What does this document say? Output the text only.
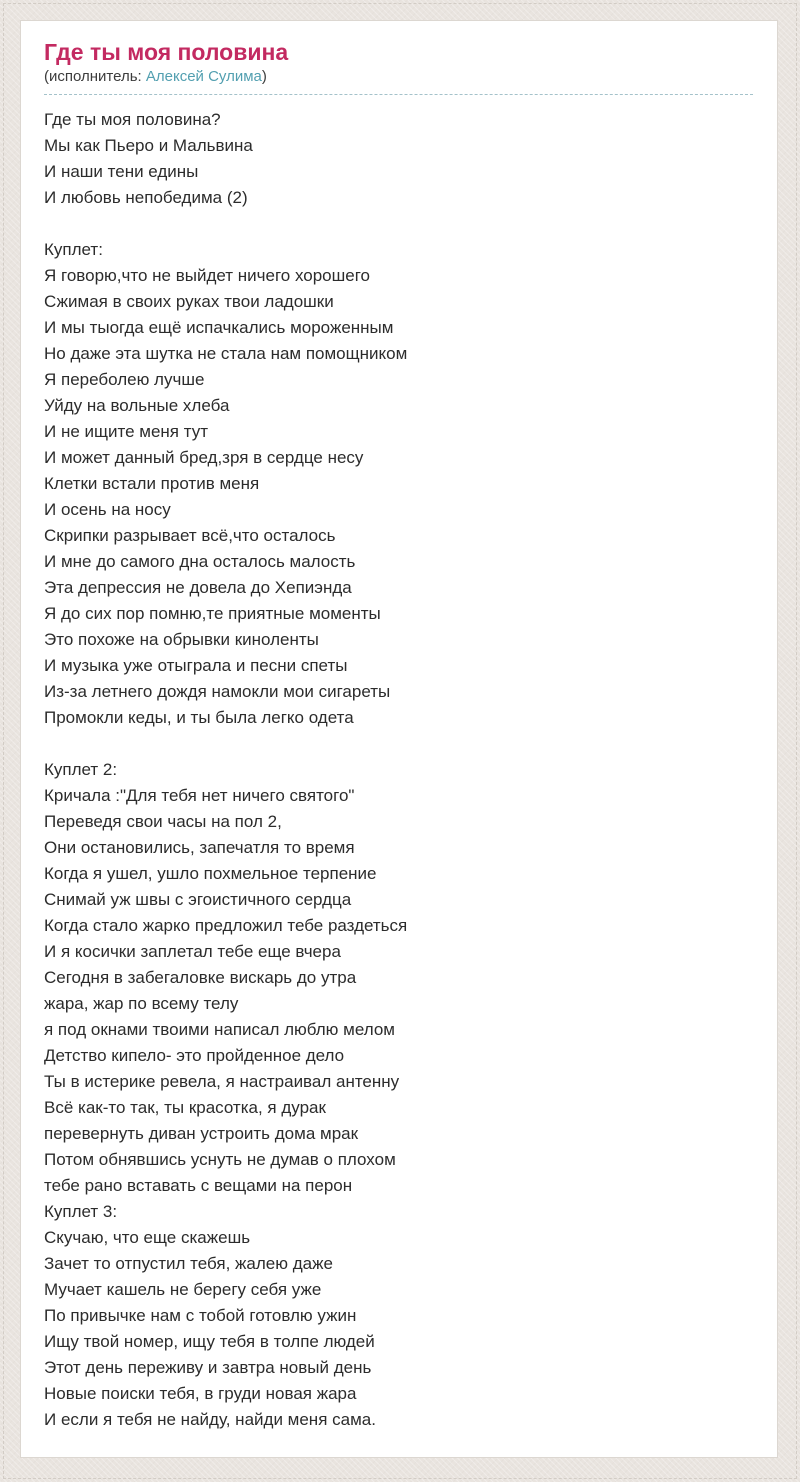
Где ты моя половина
(исполнитель: Алексей Сулима)
Где ты моя половина?
Мы как Пьеро и Мальвина
И наши тени едины
И любовь непобедима (2)

Куплет:
Я говорю,что не выйдет ничего хорошего
Сжимая в своих руках твои ладошки
И мы тыогда ещё испачкались мороженным
Но даже эта шутка не стала нам помощником
Я переболею лучше
Уйду на вольные хлеба
И не ищите меня тут
И может данный бред,зря в сердце несу
Клетки встали против меня
И осень на носу
Скрипки разрывает всё,что осталось
И мне до самого дна осталось малость
Эта депрессия не довела до Хепиэнда
Я до сих пор помню,те приятные моменты
Это похоже на обрывки киноленты
И музыка уже отыграла и песни спеты
Из-за летнего дождя намокли мои сигареты
Промокли кеды, и ты была легко одета

Куплет 2:
Кричала :"Для тебя нет ничего святого"
Переведя свои часы на пол 2,
Они остановились, запечатля то время
Когда я ушел, ушло похмельное терпение
Снимай уж швы с эгоистичного сердца
Когда стало жарко предложил тебе раздеться
И я косички заплетал тебе еще вчера
Сегодня в забегаловке вискарь до утра
жара, жар по всему телу
я под окнами твоими написал люблю мелом
Детство кипело- это пройденное дело
Ты в истерике ревела, я настраивал антенну
Всё как-то так, ты красотка, я дурак
перевернуть диван устроить дома мрак
Потом обнявшись уснуть не думав о плохом
тебе рано вставать с вещами на перон
Куплет 3:
Скучаю, что еще скажешь
Зачет то отпустил тебя, жалею даже
Мучает кашель не берегу себя уже
По привычке нам с тобой готовлю ужин
Ищу твой номер, ищу тебя в толпе людей
Этот день переживу и завтра новый день
Новые поиски тебя, в груди новая жара
И если я тебя не найду, найди меня сама.
